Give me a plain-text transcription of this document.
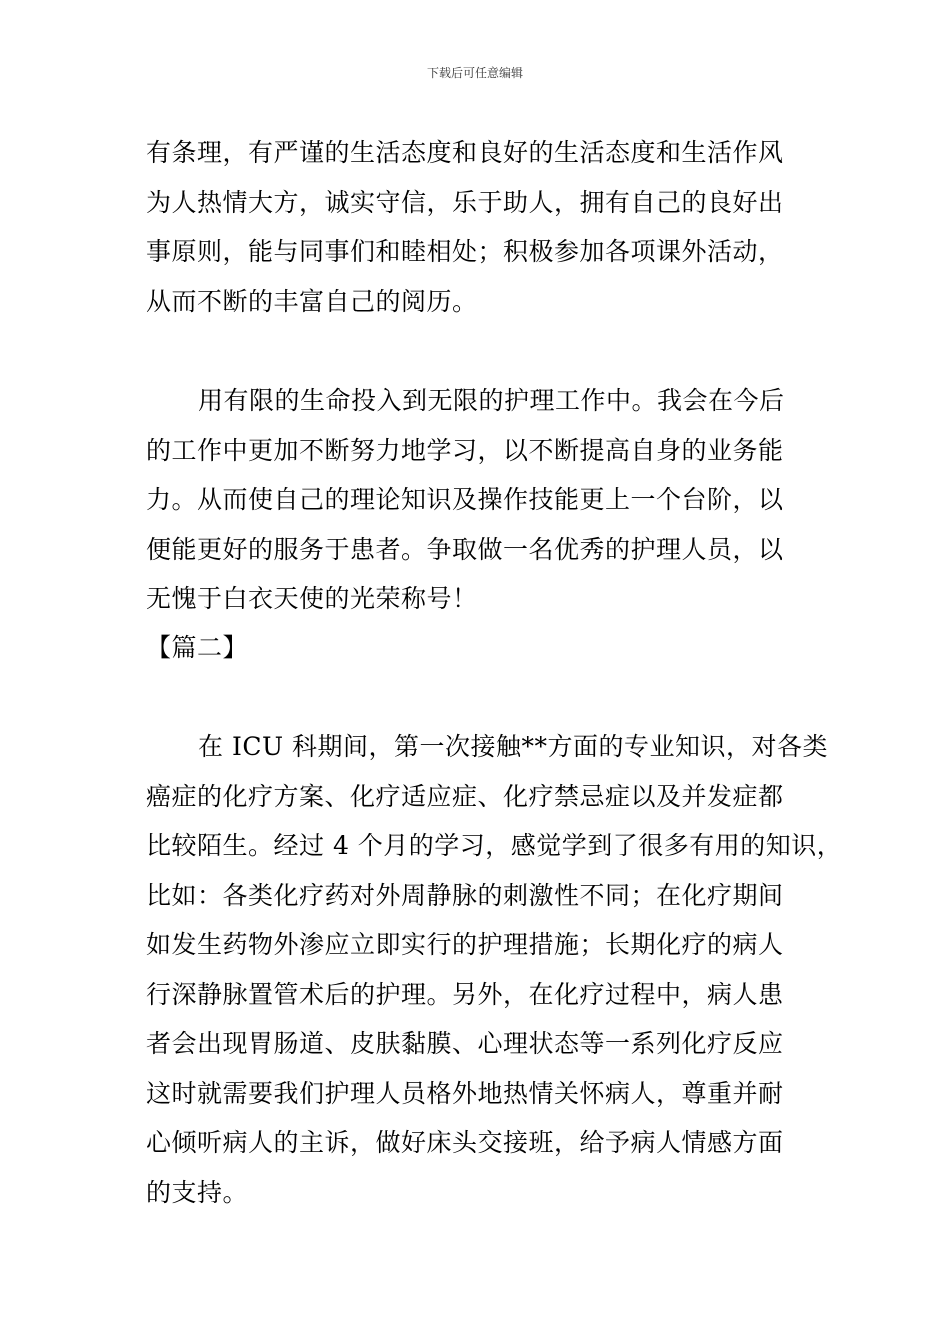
下载后可任意编辑
有条理，有严谨的生活态度和良好的生活态度和生活作风
为人热情大方，诚实守信，乐于助人，拥有自己的良好出
事原则，能与同事们和睦相处；积极参加各项课外活动，
从而不断的丰富自己的阅历。
用有限的生命投入到无限的护理工作中。我会在今后
的工作中更加不断努力地学习，以不断提高自身的业务能
力。从而使自己的理论知识及操作技能更上一个台阶，以
便能更好的服务于患者。争取做一名优秀的护理人员，以
无愧于白衣天使的光荣称号！
【篇二】
在 ICU 科期间，第一次接触**方面的专业知识，对各类
癌症的化疗方案、化疗适应症、化疗禁忌症以及并发症都
比较陌生。经过 4 个月的学习，感觉学到了很多有用的知识，
比如：各类化疗药对外周静脉的刺激性不同；在化疗期间
如发生药物外渗应立即实行的护理措施；长期化疗的病人
行深静脉置管术后的护理。另外，在化疗过程中，病人患
者会出现胃肠道、皮肤黏膜、心理状态等一系列化疗反应
这时就需要我们护理人员格外地热情关怀病人，尊重并耐
心倾听病人的主诉，做好床头交接班，给予病人情感方面
的支持。
